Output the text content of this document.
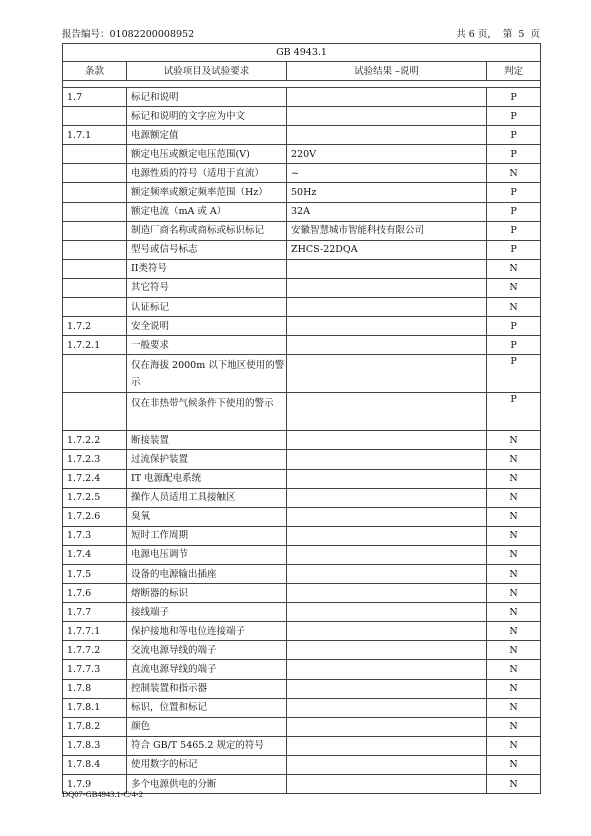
报告编号：01082200008952	共 6 页， 第 5 页
GB 4943.1			
条款	试验项目及试验要求	试验结果 –说明	判定

1.7	标记和说明		P
	标记和说明的文字应为中文		P
1.7.1	电源额定值		P
	额定电压或额定电压范围(V)	220V	P
	电源性质的符号（适用于直流）	~	N
	额定频率或额定频率范围（Hz）	50Hz	P
	额定电流（mA 或 A）	32A	P
	制造厂商名称或商标或标识标记	安徽智慧城市智能科技有限公司	P
	型号或信号标志	ZHCS-22DQA	P
	II类符号		N
	其它符号		N
	认证标记		N
1.7.2	安全说明		P
1.7.2.1	一般要求		P
	仅在海拔 2000m 以下地区使用的警示		P
	仅在非热带气候条件下使用的警示		P
1.7.2.2	断接装置		N
1.7.2.3	过流保护装置		N
1.7.2.4	IT 电源配电系统		N
1.7.2.5	操作人员适用工具接触区		N
1.7.2.6	臭氧		N
1.7.3	短时工作周期		N
1.7.4	电源电压调节		N
1.7.5	设备的电源输出插座		N
1.7.6	熔断器的标识		N
1.7.7	接线端子		N
1.7.7.1	保护接地和等电位连接端子		N
1.7.7.2	交流电源导线的端子		N
1.7.7.3	直流电源导线的端子		N
1.7.8	控制装置和指示器		N
1.7.8.1	标识，位置和标记		N
1.7.8.2	颜色		N
1.7.8.3	符合 GB/T 5465.2 规定的符号		N
1.7.8.4	使用数字的标记		N
1.7.9	多个电源供电的分断		N
DQ07-GB4943.1-C/4-2
